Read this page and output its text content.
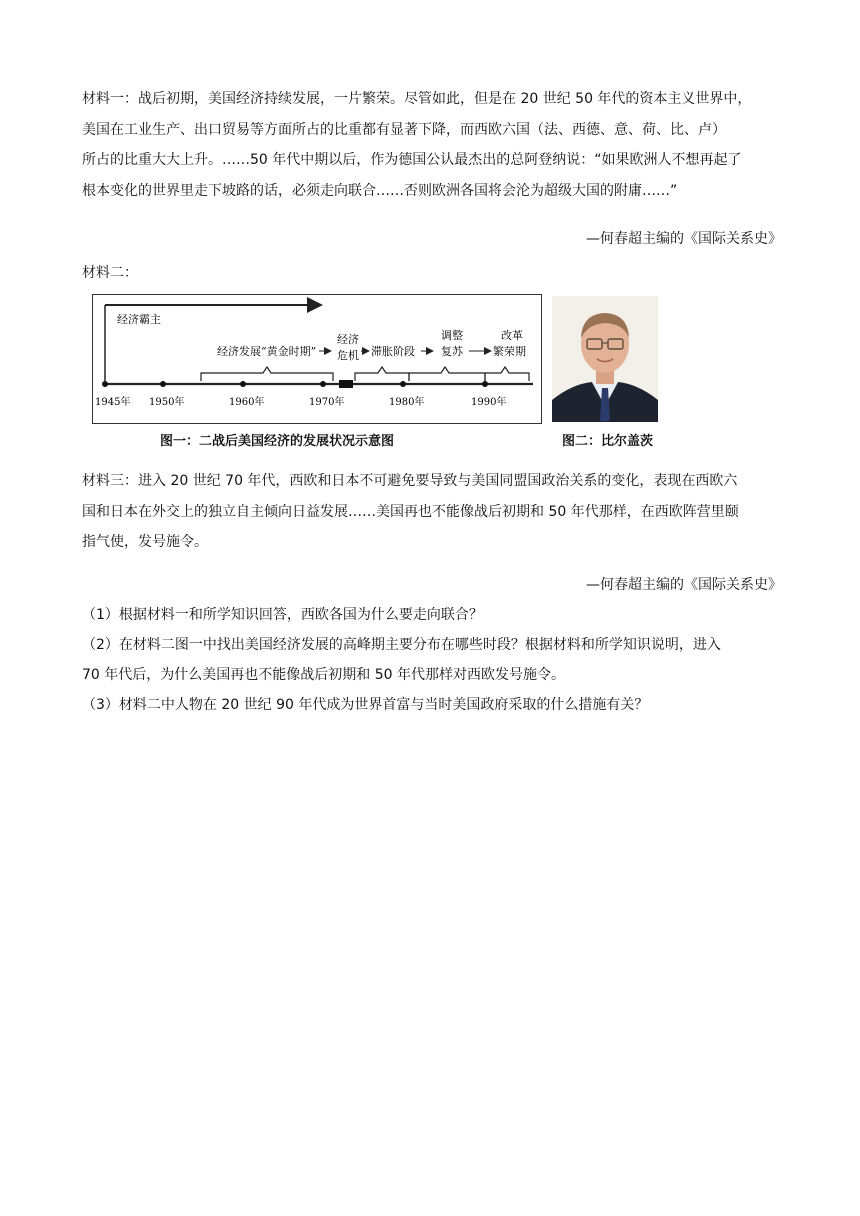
材料一：战后初期，美国经济持续发展，一片繁荣。尽管如此，但是在 20 世纪 50 年代的资本主义世界中，
美国在工业生产、出口贸易等方面所占的比重都有显著下降，而西欧六国（法、西德、意、荷、比、卢）
所占的比重大大上升。……50 年代中期以后，作为德国公认最杰出的总阿登纳说：“如果欧洲人不想再起了
根本变化的世界里走下坡路的话，必须走向联合……否则欧洲各国将会沦为超级大国的附庸……”
—何春超主编的《国际关系史》
材料二：
经济霸主
经济发展“黄金时期”
经济
危机 滞胀阶段
调整
复苏
改革
繁荣期
1945年 1950年	1960年	1970年	1980年	1990年
图一：二战后美国经济的发展状况示意图	图二：比尔盖茨
材料三：进入 20 世纪 70 年代，西欧和日本不可避免要导致与美国同盟国政治关系的变化，表现在西欧六
国和日本在外交上的独立自主倾向日益发展……美国再也不能像战后初期和 50 年代那样，在西欧阵营里颐
指气使，发号施令。
—何春超主编的《国际关系史》
（1）根据材料一和所学知识回答，西欧各国为什么要走向联合？
（2）在材料二图一中找出美国经济发展的高峰期主要分布在哪些时段？根据材料和所学知识说明，进入
70 年代后，为什么美国再也不能像战后初期和 50 年代那样对西欧发号施令。
（3）材料二中人物在 20 世纪 90 年代成为世界首富与当时美国政府采取的什么措施有关？
